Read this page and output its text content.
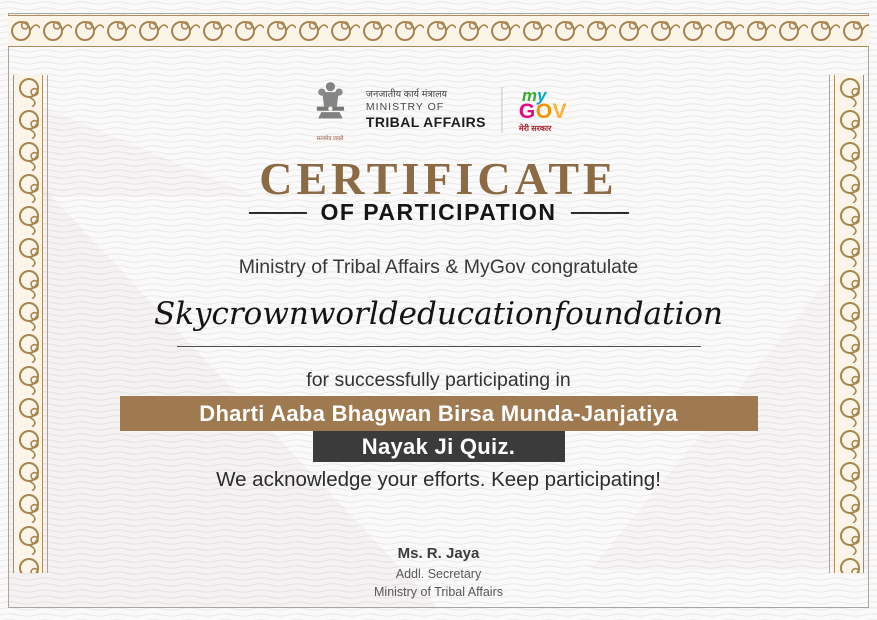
सत्यमेव जयते
जनजातीय कार्य मंत्रालय
MINISTRY OF
TRIBAL AFFAIRS
my
GOV
मेरी सरकार
CERTIFICATE
OF PARTICIPATION
Ministry of Tribal Affairs & MyGov congratulate
Skycrownworldeducationfoundation
for successfully participating in
Dharti Aaba Bhagwan Birsa Munda-Janjatiya
Nayak Ji Quiz.
We acknowledge your efforts. Keep participating!
Ms. R. Jaya
Addl. Secretary
Ministry of Tribal Affairs
